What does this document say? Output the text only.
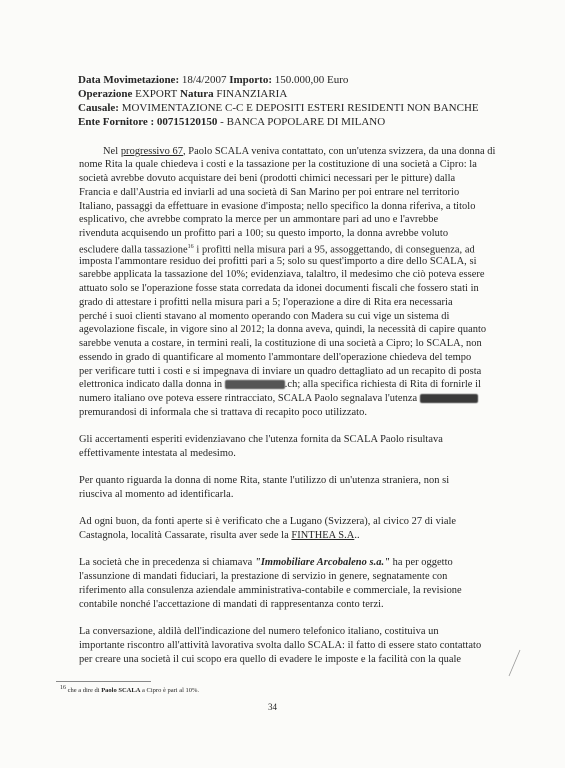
Data Movimetazione: 18/4/2007 Importo: 150.000,00 Euro
Operazione EXPORT Natura FINANZIARIA
Causale: MOVIMENTAZIONE C-C E DEPOSITI ESTERI RESIDENTI NON BANCHE
Ente Fornitore : 00715120150 - BANCA POPOLARE DI MILANO
Nel progressivo 67, Paolo SCALA veniva contattato, con un'utenza svizzera, da una donna di
nome Rita la quale chiedeva i costi e la tassazione per la costituzione di una società a Cipro: la
società avrebbe dovuto acquistare dei beni (prodotti chimici necessari per le pitture) dalla
Francia e dall'Austria ed inviarli ad una società di San Marino per poi entrare nel territorio
Italiano, passaggi da effettuare in evasione d'imposta; nello specifico la donna riferiva, a titolo
esplicativo, che avrebbe comprato la merce per un ammontare pari ad uno e l'avrebbe
rivenduta acquisendo un profitto pari a 100; su questo importo, la donna avrebbe voluto
escludere dalla tassazione$^{16}$ i profitti nella misura pari a 95, assoggettando, di conseguenza, ad
imposta l'ammontare residuo dei profitti pari a 5; solo su quest'importo a dire dello SCALA, si
sarebbe applicata la tassazione del 10%; evidenziava, talaltro, il medesimo che ciò poteva essere
attuato solo se l'operazione fosse stata corredata da idonei documenti fiscali che fossero stati in
grado di attestare i profitti nella misura pari a 5; l'operazione a dire di Rita era necessaria
perché i suoi clienti stavano al momento operando con Madera su cui vige un sistema di
agevolazione fiscale, in vigore sino al 2012; la donna aveva, quindi, la necessità di capire quanto
sarebbe venuta a costare, in termini reali, la costituzione di una società a Cipro; lo SCALA, non
essendo in grado di quantificare al momento l'ammontare dell'operazione chiedeva del tempo
per verificare tutti i costi e si impegnava di inviare un quadro dettagliato ad un recapito di posta
elettronica indicato dalla donna in	.ch; alla specifica richiesta di Rita di fornirle il
numero italiano ove poteva essere rintracciato, SCALA Paolo segnalava l'utenza
premurandosi di informala che si trattava di recapito poco utilizzato.
Gli accertamenti esperiti evidenziavano che l'utenza fornita da SCALA Paolo risultava
effettivamente intestata al medesimo.
Per quanto riguarda la donna di nome Rita, stante l'utilizzo di un'utenza straniera, non si
riusciva al momento ad identificarla.
Ad ogni buon, da fonti aperte si è verificato che a Lugano (Svizzera), al civico 27 di viale
Castagnola, località Cassarate, risulta aver sede la FINTHEA S.A..
La società che in precedenza si chiamava "Immobiliare Arcobaleno s.a." ha per oggetto
l'assunzione di mandati fiduciari, la prestazione di servizio in genere, segnatamente con
riferimento alla consulenza aziendale amministrativa-contabile e commerciale, la revisione
contabile nonché l'accettazione di mandati di rappresentanza conto terzi.
La conversazione, aldilà dell'indicazione del numero telefonico italiano, costituiva un
importante riscontro all'attività lavorativa svolta dallo SCALA: il fatto di essere stato contattato
per creare una società il cui scopo era quello di evadere le imposte e la facilità con la quale
16 che a dire di Paolo SCALA a Cipro è pari al 10%.
34
